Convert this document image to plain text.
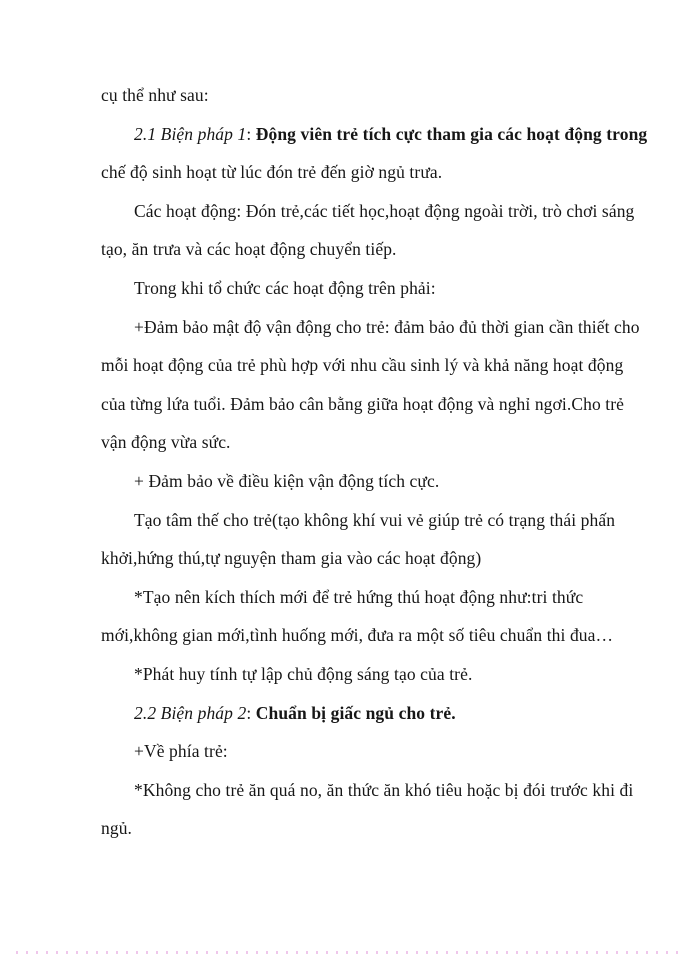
cụ thể như sau:
2.1 Biện pháp 1: Động viên trẻ tích cực tham gia các hoạt động trong
chế độ sinh hoạt từ lúc đón trẻ đến giờ ngủ trưa.
Các hoạt động: Đón trẻ,các tiết học,hoạt động ngoài trời, trò chơi sáng
tạo, ăn trưa và các hoạt động chuyển tiếp.
Trong khi tổ chức các hoạt động trên phải:
+Đảm bảo mật độ vận động cho trẻ: đảm bảo đủ thời gian cần thiết cho
mỗi hoạt động của trẻ phù hợp với nhu cầu sinh lý và khả năng hoạt động
của từng lứa tuổi. Đảm bảo cân bằng giữa hoạt động và nghỉ ngơi.Cho trẻ
vận động vừa sức.
+ Đảm bảo về điều kiện vận động tích cực.
Tạo tâm thế cho trẻ(tạo không khí vui vẻ giúp trẻ có trạng thái phấn
khởi,hứng thú,tự nguyện tham gia vào các hoạt động)
*Tạo nên kích thích mới để trẻ hứng thú hoạt động như:tri thức
mới,không gian mới,tình huống mới, đưa ra một số tiêu chuẩn thi đua…
*Phát huy tính tự lập chủ động sáng tạo của trẻ.
2.2 Biện pháp 2: Chuẩn bị giấc ngủ cho trẻ.
+Về phía trẻ:
*Không cho trẻ ăn quá no, ăn thức ăn khó tiêu hoặc bị đói trước khi đi
ngủ.
